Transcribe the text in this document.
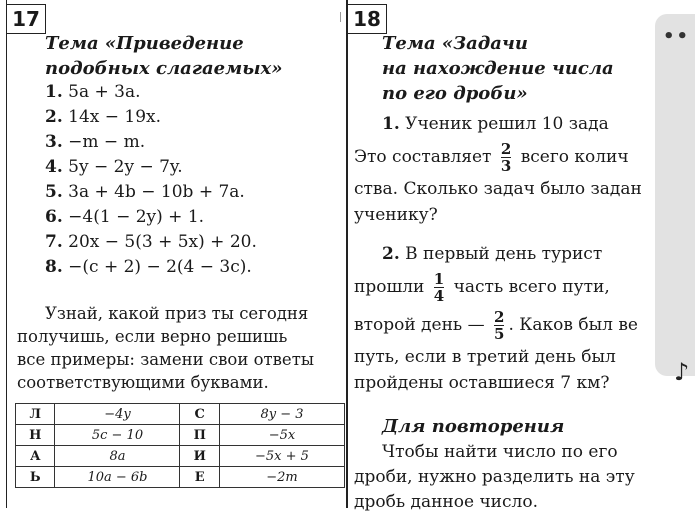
17
Тема «Приведение
подобных слагаемых»
1. 5a + 3a.
2. 14x − 19x.
3. −m − m.
4. 5y − 2y − 7y.
5. 3a + 4b − 10b + 7a.
6. −4(1 − 2y) + 1.
7. 20x − 5(3 + 5x) + 20.
8. −(c + 2) − 2(4 − 3c).
Узнай, какой приз ты сегодня
получишь, если верно решишь
все примеры: замени свои ответы
соответствующими буквами.
Л	−4y	С	8y − 3
Н	5c − 10	П	−5x
А	8a	И	−5x + 5
Ь	10a − 6b	Е	−2m
18
Тема «Задачи
на нахождение числа
по его дроби»
1. Ученик решил 10 зада
Это составляет $\frac{2}{3}$ всего колич
ства. Сколько задач было задан
ученику?
2. В первый день турист
прошли $\frac{1}{4}$ часть всего пути,
второй день — $\frac{2}{5}$ . Каков был ве
путь, если в третий день был
пройдены оставшиеся 7 км?
Для повторения
Чтобы найти число по его
дроби, нужно разделить на эту
дробь данное число.
••
♪
